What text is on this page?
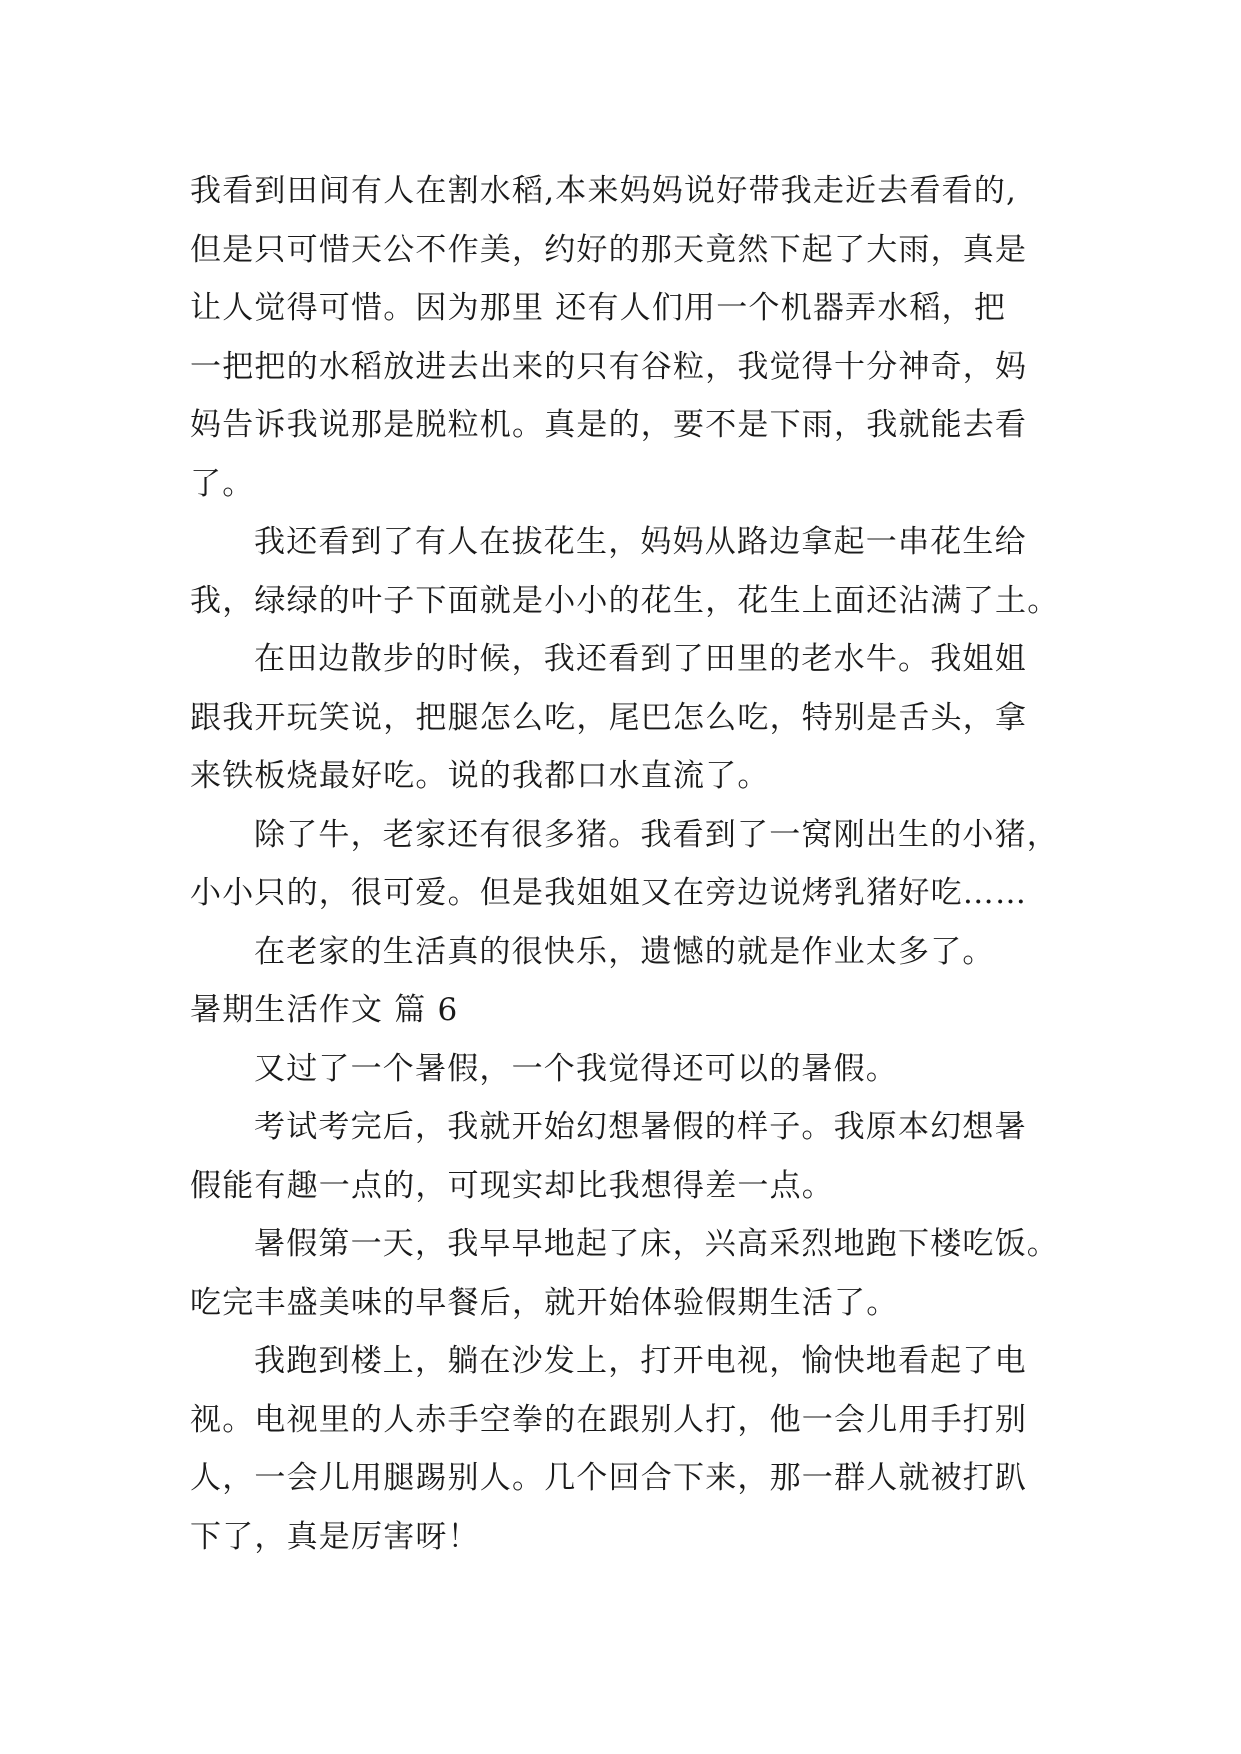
我看到田间有人在割水稻,本来妈妈说好带我走近去看看的,
但是只可惜天公不作美，约好的那天竟然下起了大雨，真是
让人觉得可惜。因为那里 还有人们用一个机器弄水稻，把
一把把的水稻放进去出来的只有谷粒，我觉得十分神奇，妈
妈告诉我说那是脱粒机。真是的，要不是下雨，我就能去看
了。
我还看到了有人在拔花生，妈妈从路边拿起一串花生给
我，绿绿的叶子下面就是小小的花生，花生上面还沾满了土。
在田边散步的时候，我还看到了田里的老水牛。我姐姐
跟我开玩笑说，把腿怎么吃，尾巴怎么吃，特别是舌头，拿
来铁板烧最好吃。说的我都口水直流了。
除了牛，老家还有很多猪。我看到了一窝刚出生的小猪，
小小只的，很可爱。但是我姐姐又在旁边说烤乳猪好吃……
在老家的生活真的很快乐，遗憾的就是作业太多了。
暑期生活作文 篇 6
又过了一个暑假，一个我觉得还可以的暑假。
考试考完后，我就开始幻想暑假的样子。我原本幻想暑
假能有趣一点的，可现实却比我想得差一点。
暑假第一天，我早早地起了床，兴高采烈地跑下楼吃饭。
吃完丰盛美味的早餐后，就开始体验假期生活了。
我跑到楼上，躺在沙发上，打开电视，愉快地看起了电
视。电视里的人赤手空拳的在跟别人打，他一会儿用手打别
人，一会儿用腿踢别人。几个回合下来，那一群人就被打趴
下了，真是厉害呀！
